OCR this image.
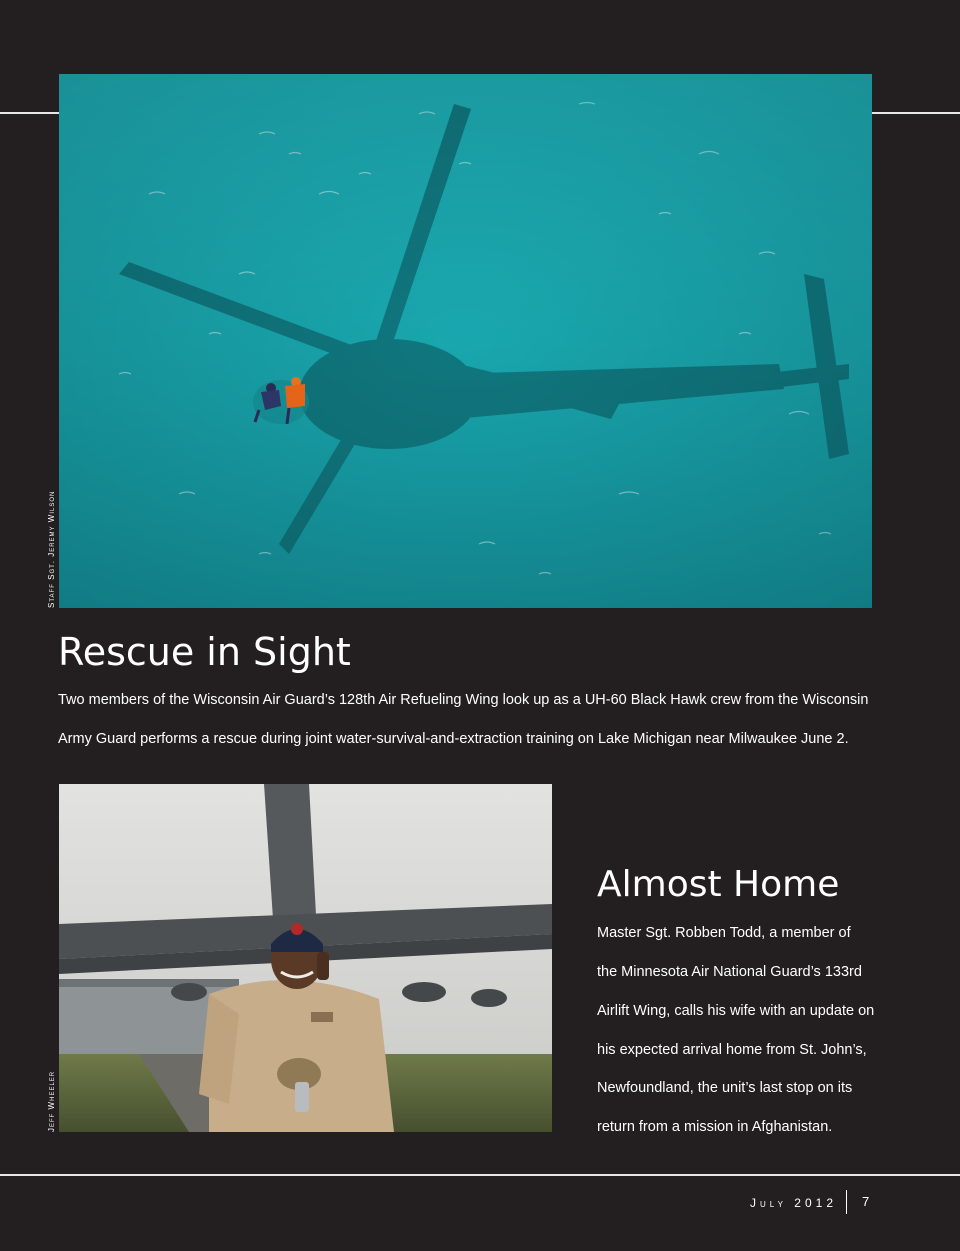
Staff Sgt. Jeremy Wilson
Rescue in Sight
Two members of the Wisconsin Air Guard’s 128th Air Refueling Wing look up as a UH-60 Black Hawk crew from the Wisconsin
Army Guard performs a rescue during joint water-survival-and-extraction training on Lake Michigan near Milwaukee June 2.
Jeff Wheeler
Almost Home
Master Sgt. Robben Todd, a member of
the Minnesota Air National Guard’s 133rd
Airlift Wing, calls his wife with an update on
his expected arrival home from St. John’s,
Newfoundland, the unit’s last stop on its
return from a mission in Afghanistan.
July 2012 7
